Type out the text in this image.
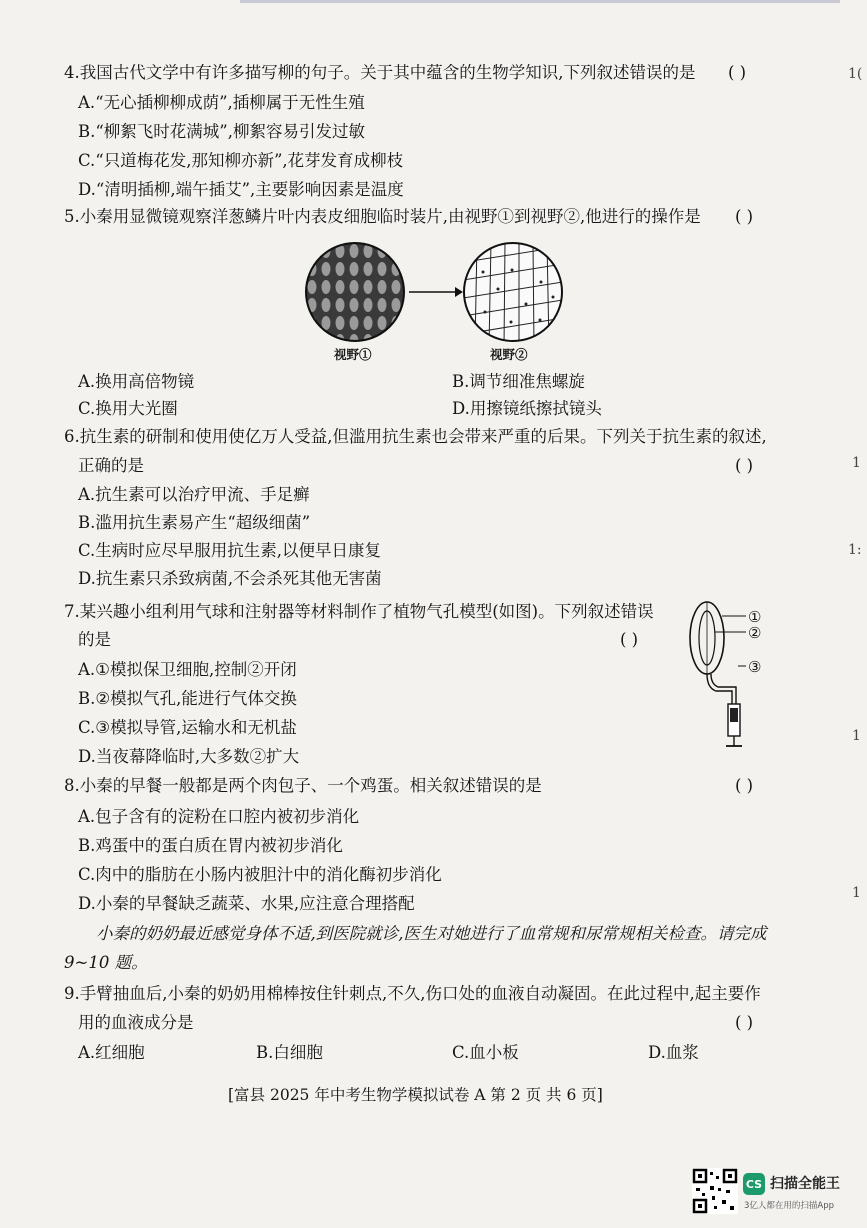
4.我国古代文学中有许多描写柳的句子。关于其中蕴含的生物学知识,下列叙述错误的是 ( )
A.“无心插柳柳成荫”,插柳属于无性生殖
B.“柳絮飞时花满城”,柳絮容易引发过敏
C.“只道梅花发,那知柳亦新”,花芽发育成柳枝
D.“清明插柳,端午插艾”,主要影响因素是温度
5.小秦用显微镜观察洋葱鳞片叶内表皮细胞临时装片,由视野①到视野②,他进行的操作是 ( )
视野①	视野②
A.换用高倍物镜	B.调节细准焦螺旋
C.换用大光圈	D.用擦镜纸擦拭镜头
6.抗生素的研制和使用使亿万人受益,但滥用抗生素也会带来严重的后果。下列关于抗生素的叙述,
正确的是	( )
A.抗生素可以治疗甲流、手足癣
B.滥用抗生素易产生“超级细菌”
C.生病时应尽早服用抗生素,以便早日康复
D.抗生素只杀致病菌,不会杀死其他无害菌
7.某兴趣小组利用气球和注射器等材料制作了植物气孔模型(如图)。下列叙述错误
的是	( )
①
②
③
A.①模拟保卫细胞,控制②开闭
B.②模拟气孔,能进行气体交换
C.③模拟导管,运输水和无机盐
D.当夜幕降临时,大多数②扩大
8.小秦的早餐一般都是两个肉包子、一个鸡蛋。相关叙述错误的是	( )
A.包子含有的淀粉在口腔内被初步消化
B.鸡蛋中的蛋白质在胃内被初步消化
C.肉中的脂肪在小肠内被胆汁中的消化酶初步消化
D.小秦的早餐缺乏蔬菜、水果,应注意合理搭配
小秦的奶奶最近感觉身体不适,到医院就诊,医生对她进行了血常规和尿常规相关检查。请完成
9~10 题。
9.手臂抽血后,小秦的奶奶用棉棒按住针刺点,不久,伤口处的血液自动凝固。在此过程中,起主要作
用的血液成分是	( )
A.红细胞	B.白细胞	C.血小板	D.血浆
[富县 2025 年中考生物学模拟试卷 A 第 2 页 共 6 页]
1(
1
1:
1
1
CS 扫描全能王
3亿人都在用的扫描App
